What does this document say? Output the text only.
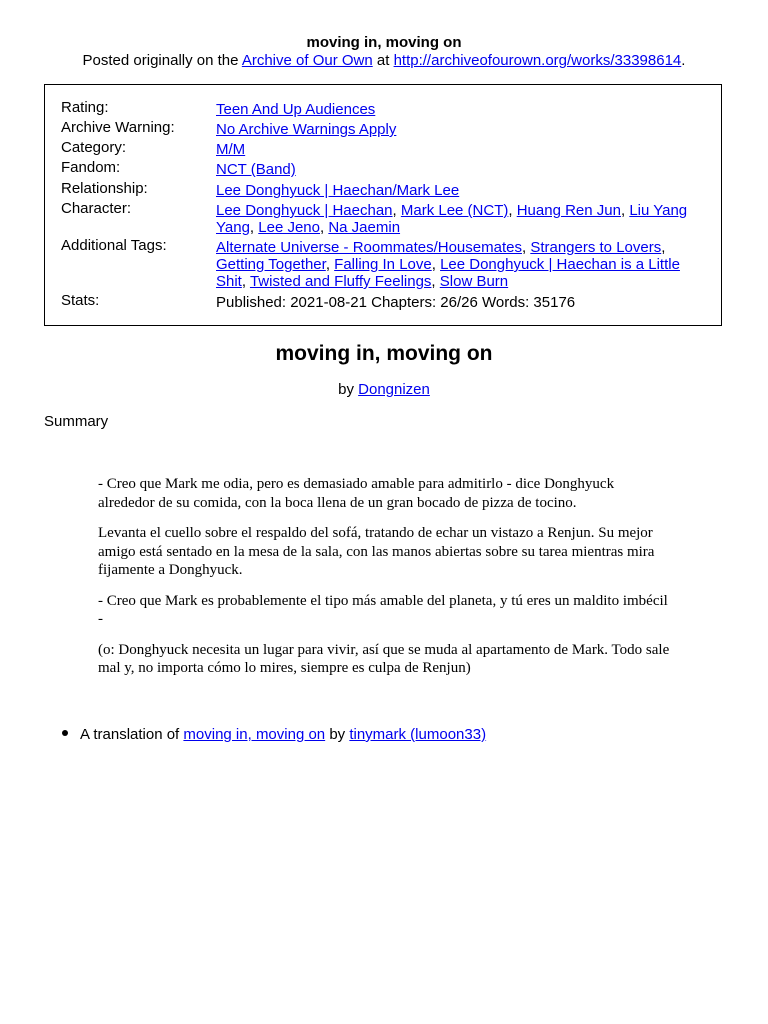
moving in, moving on
Posted originally on the Archive of Our Own at http://archiveofourown.org/works/33398614.
Rating:	Teen And Up Audiences
Archive Warning:	No Archive Warnings Apply
Category:	M/M
Fandom:	NCT (Band)
Relationship:	Lee Donghyuck | Haechan/Mark Lee
Character:	Lee Donghyuck | Haechan, Mark Lee (NCT), Huang Ren Jun, Liu Yang Yang, Lee Jeno, Na Jaemin
Additional Tags:	Alternate Universe - Roommates/Housemates, Strangers to Lovers, Getting Together, Falling In Love, Lee Donghyuck | Haechan is a Little Shit, Twisted and Fluffy Feelings, Slow Burn
Stats:	Published: 2021-08-21 Chapters: 26/26 Words: 35176
moving in, moving on
by Dongnizen
Summary

- Creo que Mark me odia, pero es demasiado amable para admitirlo - dice Donghyuck alrededor de su comida, con la boca llena de un gran bocado de pizza de tocino.

Levanta el cuello sobre el respaldo del sofá, tratando de echar un vistazo a Renjun. Su mejor amigo está sentado en la mesa de la sala, con las manos abiertas sobre su tarea mientras mira fijamente a Donghyuck.

- Creo que Mark es probablemente el tipo más amable del planeta, y tú eres un maldito imbécil -

(o: Donghyuck necesita un lugar para vivir, así que se muda al apartamento de Mark. Todo sale mal y, no importa cómo lo mires, siempre es culpa de Renjun)

A translation of moving in, moving on by tinymark (lumoon33)
